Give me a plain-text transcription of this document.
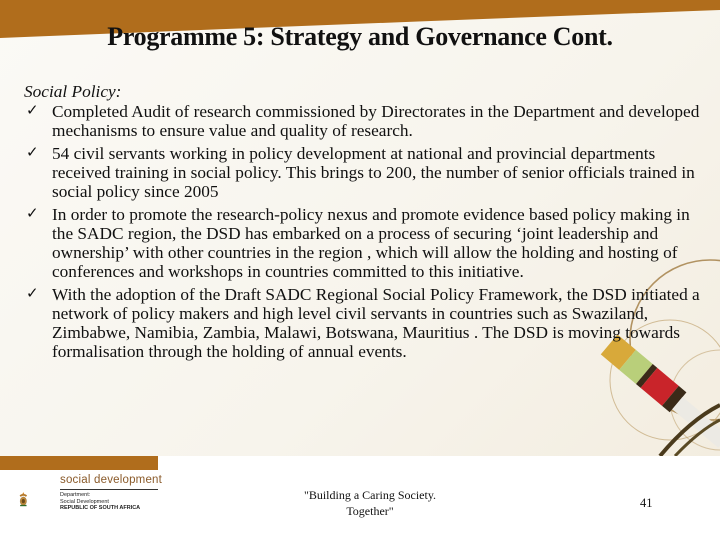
Programme 5: Strategy and Governance Cont.
Social Policy:
✓ Completed Audit of research commissioned by Directorates in the Department and developed mechanisms to ensure value and quality of research.
✓ 54 civil servants working in policy development at national and provincial departments received training in social policy. This brings to 200, the number of senior officials trained in social policy since 2005
✓ In order to promote the research-policy nexus and promote evidence based policy making in the SADC region, the DSD has embarked on a process of securing ‘joint leadership and ownership’ with other countries in the region , which will allow the holding and hosting of conferences and workshops in countries committed to this initiative.
✓ With the adoption of the Draft SADC Regional Social Policy Framework, the DSD initiated a network of policy makers and high level civil servants in countries such as Swaziland, Zimbabwe, Namibia, Zambia, Malawi, Botswana, Mauritius . The DSD is moving towards formalisation through the holding of annual events.
social development
Department:
Social Development
REPUBLIC OF SOUTH AFRICA
"Building a Caring Society.
Together"
41
